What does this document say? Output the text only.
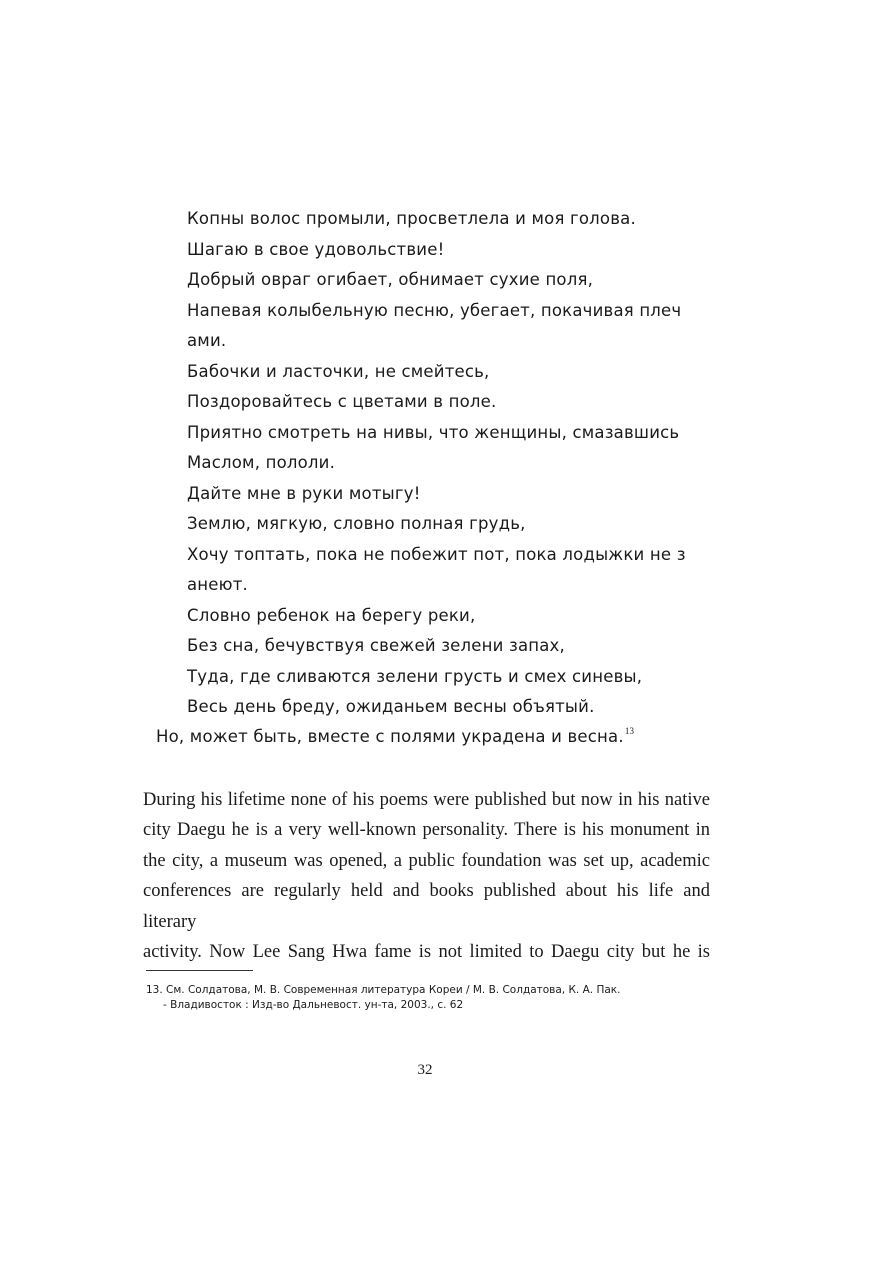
Копны волос промыли, просветлела и моя голова.
Шагаю в свое удовольствие!
Добрый овраг огибает, обнимает сухие поля,
Напевая колыбельную песню, убегает, покачивая плеч
ами.
Бабочки и ласточки, не смейтесь,
Поздоровайтесь с цветами в поле.
Приятно смотреть на нивы, что женщины, смазавшись
Маслом, пололи.
Дайте мне в руки мотыгу!
Землю, мягкую, словно полная грудь,
Хочу топтать, пока не побежит пот, пока лодыжки не з
анеют.
Словно ребенок на берегу реки,
Без сна, бечувствуя свежей зелени запах,
Туда, где сливаются зелени грусть и смех синевы,
Весь день бреду, ожиданьем весны объятый.
Но, может быть, вместе с полями украдена и весна.$^{13}$
During his lifetime none of his poems were published but now in his native
city Daegu he is a very well-known personality. There is his monument in
the city, a museum was opened, a public foundation was set up, academic
conferences are regularly held and books published about his life and literary
activity. Now Lee Sang Hwa fame is not limited to Daegu city but he is
13. См. Солдатова, М. В. Современная литература Кореи / М. В. Солдатова, К. А. Пак.
- Владивосток : Изд-во Дальневост. ун-та, 2003., с. 62
32
